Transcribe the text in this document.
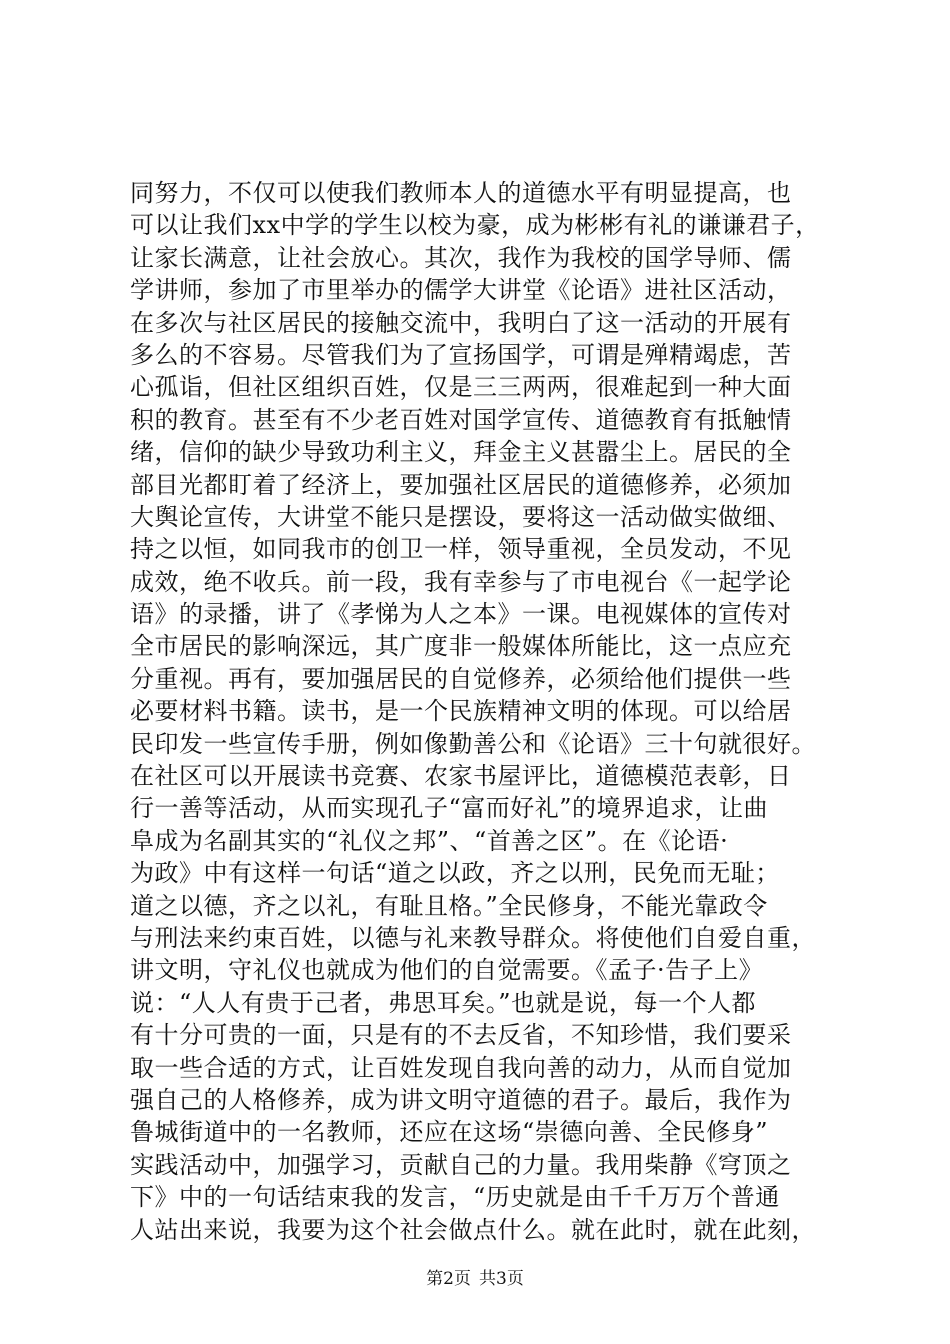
同努力，不仅可以使我们教师本人的道德水平有明显提高，也
可以让我们xx中学的学生以校为豪，成为彬彬有礼的谦谦君子，
让家长满意，让社会放心。其次，我作为我校的国学导师、儒
学讲师，参加了市里举办的儒学大讲堂《论语》进社区活动，
在多次与社区居民的接触交流中，我明白了这一活动的开展有
多么的不容易。尽管我们为了宣扬国学，可谓是殚精竭虑，苦
心孤诣，但社区组织百姓，仅是三三两两，很难起到一种大面
积的教育。甚至有不少老百姓对国学宣传、道德教育有抵触情
绪，信仰的缺少导致功利主义，拜金主义甚嚣尘上。居民的全
部目光都盯着了经济上，要加强社区居民的道德修养，必须加
大舆论宣传，大讲堂不能只是摆设，要将这一活动做实做细、
持之以恒，如同我市的创卫一样，领导重视，全员发动，不见
成效，绝不收兵。前一段，我有幸参与了市电视台《一起学论
语》的录播，讲了《孝悌为人之本》一课。电视媒体的宣传对
全市居民的影响深远，其广度非一般媒体所能比，这一点应充
分重视。再有，要加强居民的自觉修养，必须给他们提供一些
必要材料书籍。读书，是一个民族精神文明的体现。可以给居
民印发一些宣传手册，例如像勤善公和《论语》三十句就很好。
在社区可以开展读书竞赛、农家书屋评比，道德模范表彰，日
行一善等活动，从而实现孔子“富而好礼”的境界追求，让曲
阜成为名副其实的“礼仪之邦”、“首善之区”。在《论语·
为政》中有这样一句话“道之以政，齐之以刑，民免而无耻；
道之以德，齐之以礼，有耻且格。”全民修身，不能光靠政令
与刑法来约束百姓，以德与礼来教导群众。将使他们自爱自重，
讲文明，守礼仪也就成为他们的自觉需要。《孟子·告子上》
说：“人人有贵于己者，弗思耳矣。”也就是说，每一个人都
有十分可贵的一面，只是有的不去反省，不知珍惜，我们要采
取一些合适的方式，让百姓发现自我向善的动力，从而自觉加
强自己的人格修养，成为讲文明守道德的君子。最后，我作为
鲁城街道中的一名教师，还应在这场“崇德向善、全民修身”
实践活动中，加强学习，贡献自己的力量。我用柴静《穹顶之
下》中的一句话结束我的发言，“历史就是由千千万万个普通
人站出来说，我要为这个社会做点什么。就在此时，就在此刻，
第2页 共3页
